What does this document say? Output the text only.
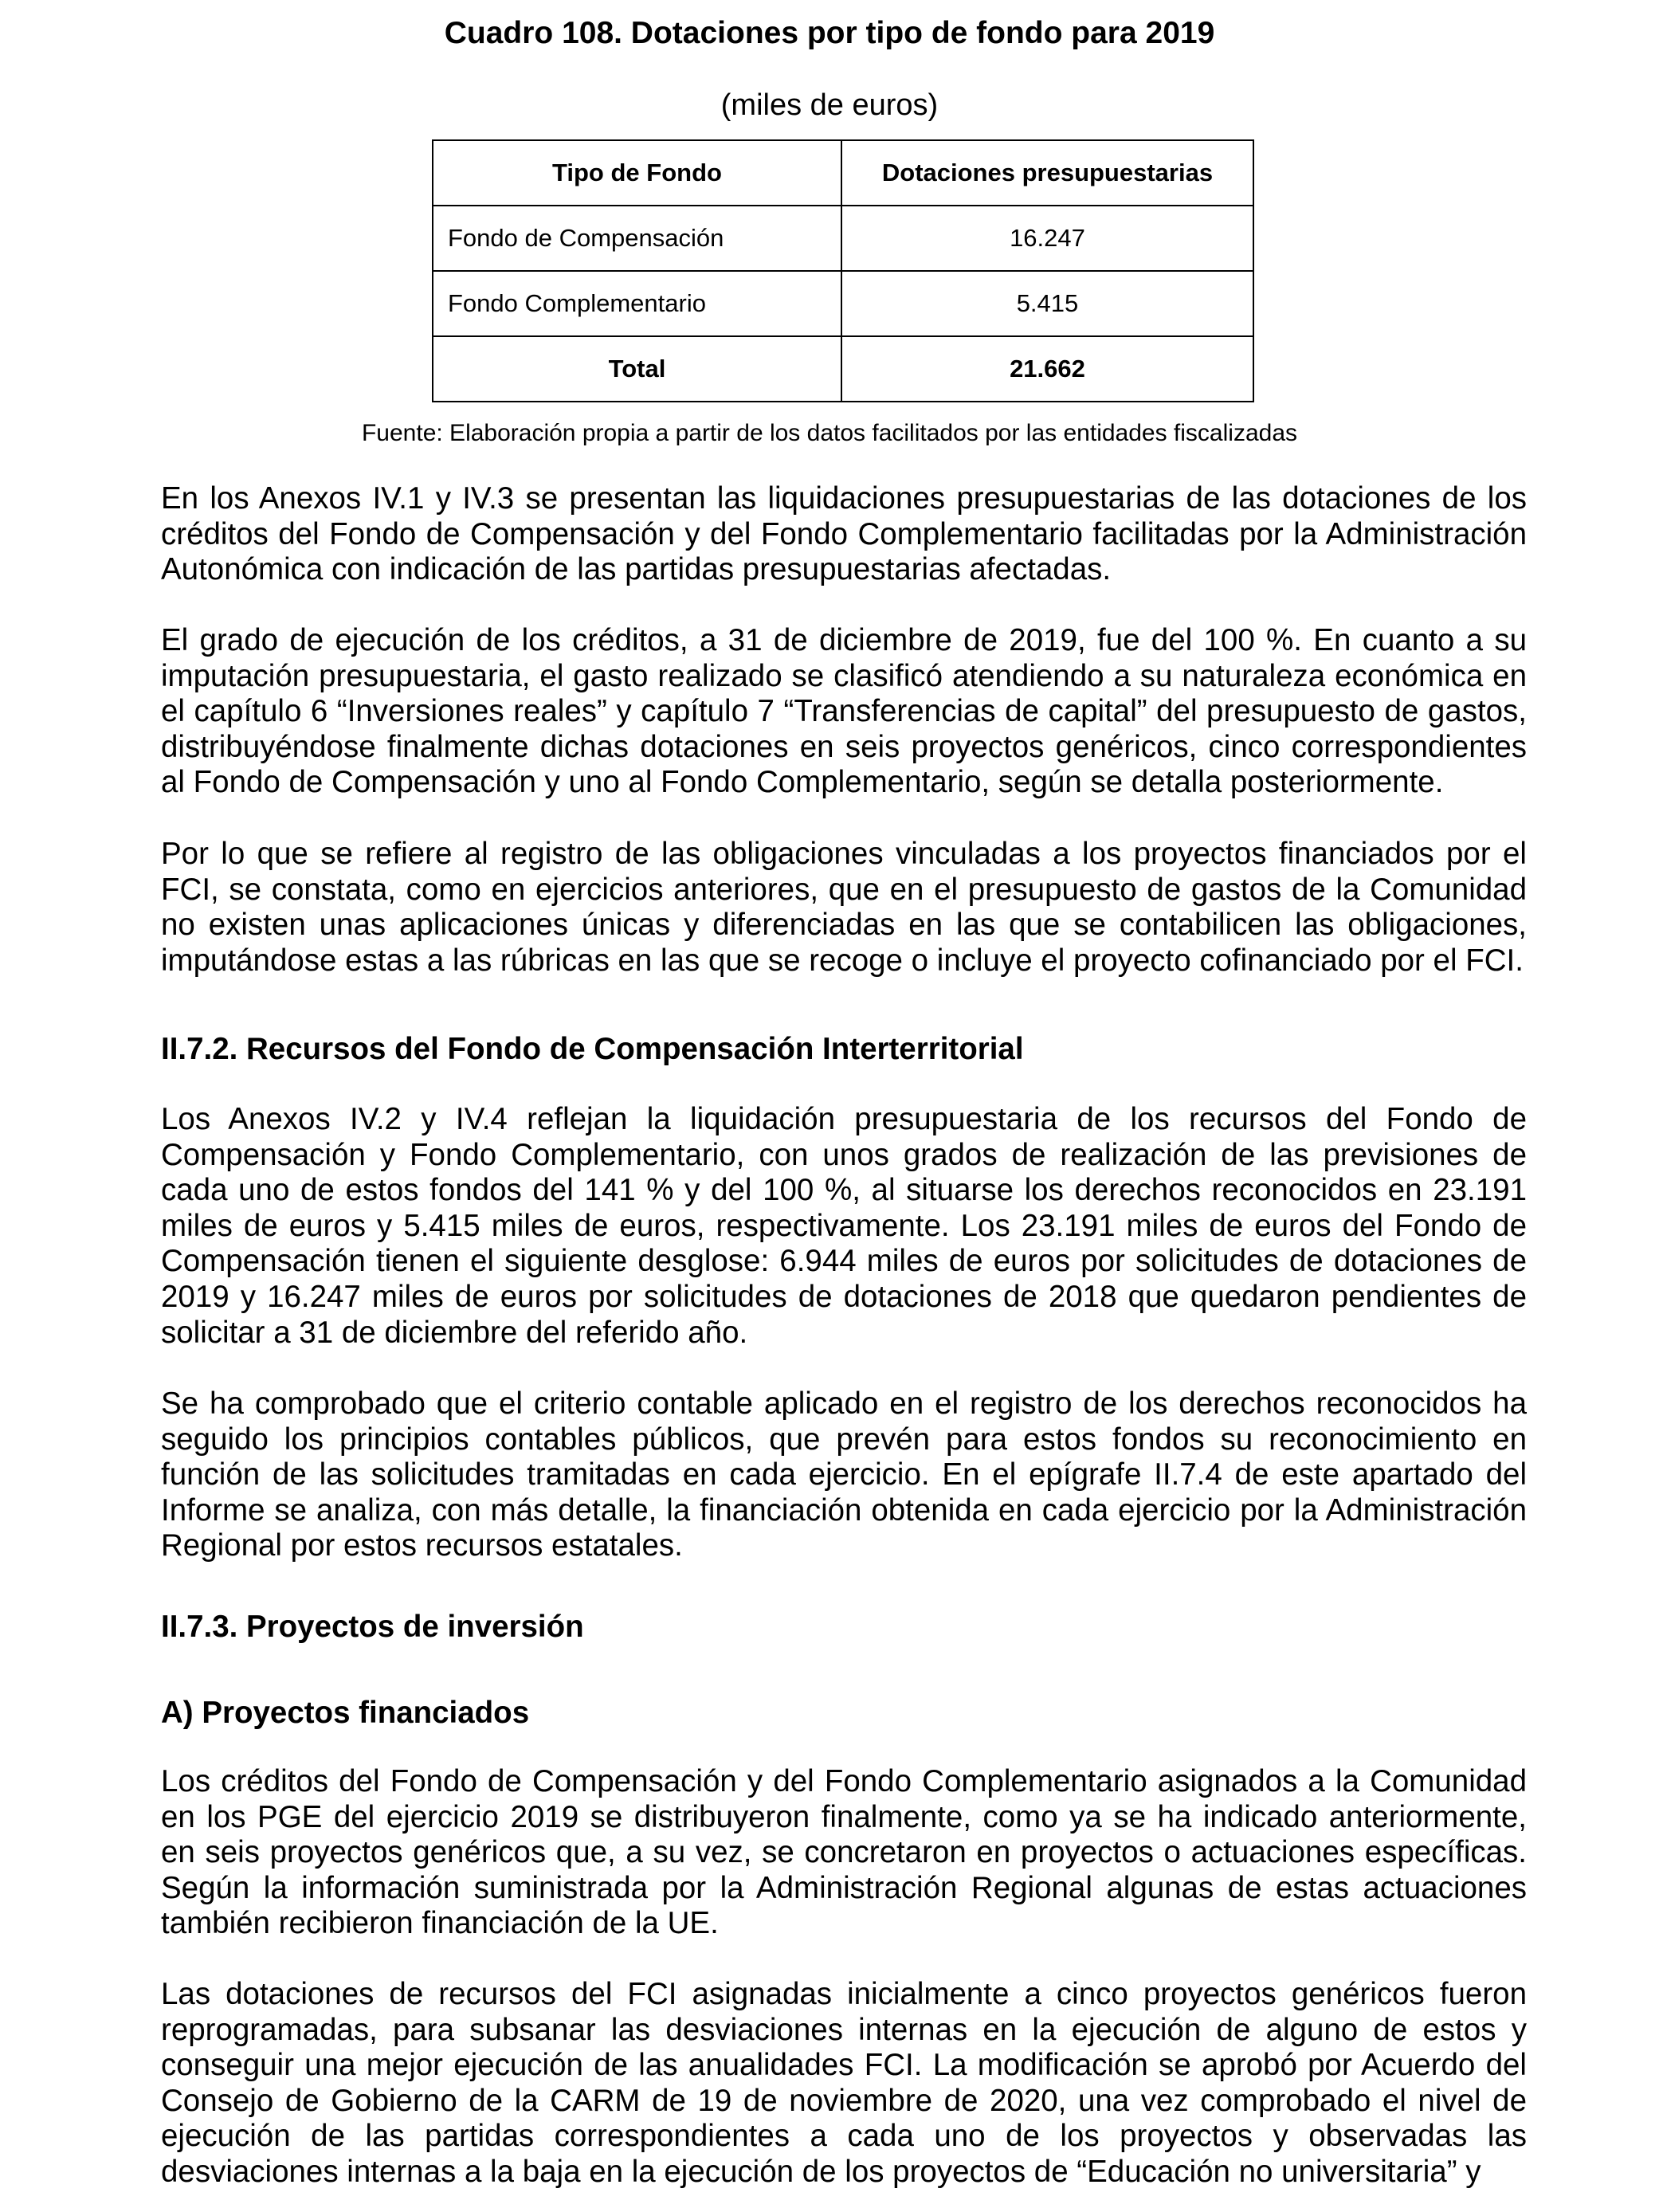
Cuadro 108. Dotaciones por tipo de fondo para 2019
(miles de euros)
Tipo de Fondo	Dotaciones presupuestarias
Fondo de Compensación	16.247
Fondo Complementario	5.415
Total	21.662
Fuente: Elaboración propia a partir de los datos facilitados por las entidades fiscalizadas

En los Anexos IV.1 y IV.3 se presentan las liquidaciones presupuestarias de las dotaciones de los créditos del Fondo de Compensación y del Fondo Complementario facilitadas por la Administración Autonómica con indicación de las partidas presupuestarias afectadas.

El grado de ejecución de los créditos, a 31 de diciembre de 2019, fue del 100 %. En cuanto a su imputación presupuestaria, el gasto realizado se clasificó atendiendo a su naturaleza económica en el capítulo 6 “Inversiones reales” y capítulo 7 “Transferencias de capital” del presupuesto de gastos, distribuyéndose finalmente dichas dotaciones en seis proyectos genéricos, cinco correspondientes al Fondo de Compensación y uno al Fondo Complementario, según se detalla posteriormente.

Por lo que se refiere al registro de las obligaciones vinculadas a los proyectos financiados por el FCI, se constata, como en ejercicios anteriores, que en el presupuesto de gastos de la Comunidad no existen unas aplicaciones únicas y diferenciadas en las que se contabilicen las obligaciones, imputándose estas a las rúbricas en las que se recoge o incluye el proyecto cofinanciado por el FCI.

II.7.2. Recursos del Fondo de Compensación Interterritorial

Los Anexos IV.2 y IV.4 reflejan la liquidación presupuestaria de los recursos del Fondo de Compensación y Fondo Complementario, con unos grados de realización de las previsiones de cada uno de estos fondos del 141 % y del 100 %, al situarse los derechos reconocidos en 23.191 miles de euros y 5.415 miles de euros, respectivamente. Los 23.191 miles de euros del Fondo de Compensación tienen el siguiente desglose: 6.944 miles de euros por solicitudes de dotaciones de 2019 y 16.247 miles de euros por solicitudes de dotaciones de 2018 que quedaron pendientes de solicitar a 31 de diciembre del referido año.

Se ha comprobado que el criterio contable aplicado en el registro de los derechos reconocidos ha seguido los principios contables públicos, que prevén para estos fondos su reconocimiento en función de las solicitudes tramitadas en cada ejercicio. En el epígrafe II.7.4 de este apartado del Informe se analiza, con más detalle, la financiación obtenida en cada ejercicio por la Administración Regional por estos recursos estatales.

II.7.3. Proyectos de inversión
A) Proyectos financiados

Los créditos del Fondo de Compensación y del Fondo Complementario asignados a la Comunidad en los PGE del ejercicio 2019 se distribuyeron finalmente, como ya se ha indicado anteriormente, en seis proyectos genéricos que, a su vez, se concretaron en proyectos o actuaciones específicas. Según la información suministrada por la Administración Regional algunas de estas actuaciones también recibieron financiación de la UE.

Las dotaciones de recursos del FCI asignadas inicialmente a cinco proyectos genéricos fueron reprogramadas, para subsanar las desviaciones internas en la ejecución de alguno de estos y conseguir una mejor ejecución de las anualidades FCI. La modificación se aprobó por Acuerdo del Consejo de Gobierno de la CARM de 19 de noviembre de 2020, una vez comprobado el nivel de ejecución de las partidas correspondientes a cada uno de los proyectos y observadas las desviaciones internas a la baja en la ejecución de los proyectos de “Educación no universitaria” y
